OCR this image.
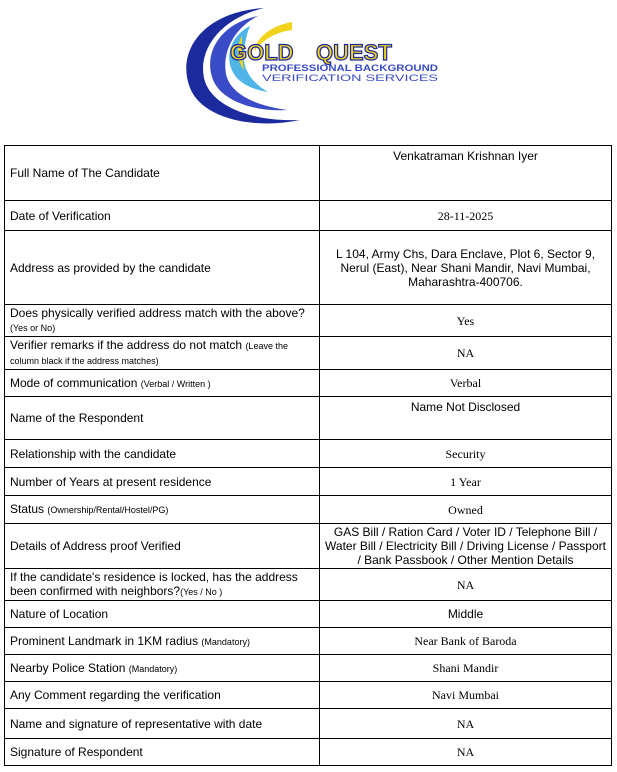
GOLD QUEST
PROFESSIONAL BACKGROUND
VERIFICATION SERVICES
Full Name of The Candidate	Venkatraman Krishnan Iyer
Date of Verification	28-11-2025
Address as provided by the candidate	L 104, Army Chs, Dara Enclave, Plot 6, Sector 9, Nerul (East), Near Shani Mandir, Navi Mumbai, Maharashtra-400706.
Does physically verified address match with the above?
(Yes or No)	Yes
Verifier remarks if the address do not match (Leave the column black if the address matches)	NA
Mode of communication (Verbal / Written )	Verbal
Name of the Respondent	Name Not Disclosed
Relationship with the candidate	Security
Number of Years at present residence	1 Year
Status (Ownership/Rental/Hostel/PG)	Owned
Details of Address proof Verified	GAS Bill / Ration Card / Voter ID / Telephone Bill / Water Bill / Electricity Bill / Driving License / Passport / Bank Passbook / Other Mention Details
If the candidate's residence is locked, has the address been confirmed with neighbors?(Yes / No )	NA
Nature of Location	Middle
Prominent Landmark in 1KM radius (Mandatory)	Near Bank of Baroda
Nearby Police Station (Mandatory)	Shani Mandir
Any Comment regarding the verification	Navi Mumbai
Name and signature of representative with date	NA
Signature of Respondent	NA
